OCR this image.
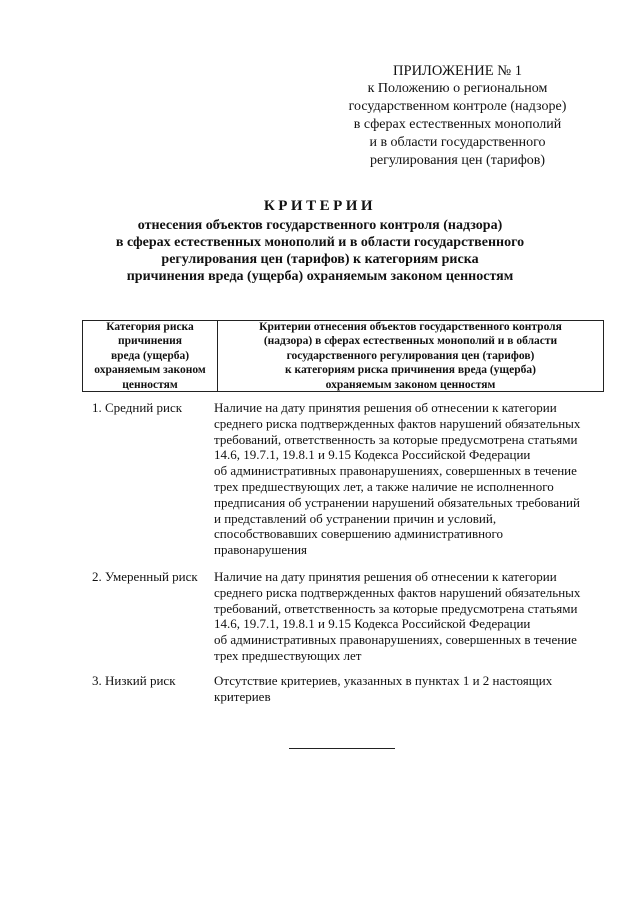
ПРИЛОЖЕНИЕ № 1
к Положению о региональном
государственном контроле (надзоре)
в сферах естественных монополий
и в области государственного
регулирования цен (тарифов)
КРИТЕРИИ
отнесения объектов государственного контроля (надзора)
в сферах естественных монополий и в области государственного
регулирования цен (тарифов) к категориям риска
причинения вреда (ущерба) охраняемым законом ценностям
Категория риска
причинения
вреда (ущерба)
охраняемым законом
ценностям
Критерии отнесения объектов государственного контроля
(надзора) в сферах естественных монополий и в области
государственного регулирования цен (тарифов)
к категориям риска причинения вреда (ущерба)
охраняемым законом ценностям
1. Средний риск Наличие на дату принятия решения об отнесении к категории
среднего риска подтвержденных фактов нарушений обязательных
требований, ответственность за которые предусмотрена статьями
14.6, 19.7.1, 19.8.1 и 9.15 Кодекса Российской Федерации
об административных правонарушениях, совершенных в течение
трех предшествующих лет, а также наличие не исполненного
предписания об устранении нарушений обязательных требований
и представлений об устранении причин и условий,
способствовавших совершению административного
правонарушения
2. Умеренный риск Наличие на дату принятия решения об отнесении к категории
среднего риска подтвержденных фактов нарушений обязательных
требований, ответственность за которые предусмотрена статьями
14.6, 19.7.1, 19.8.1 и 9.15 Кодекса Российской Федерации
об административных правонарушениях, совершенных в течение
трех предшествующих лет
3. Низкий риск	Отсутствие критериев, указанных в пунктах 1 и 2 настоящих
критериев
